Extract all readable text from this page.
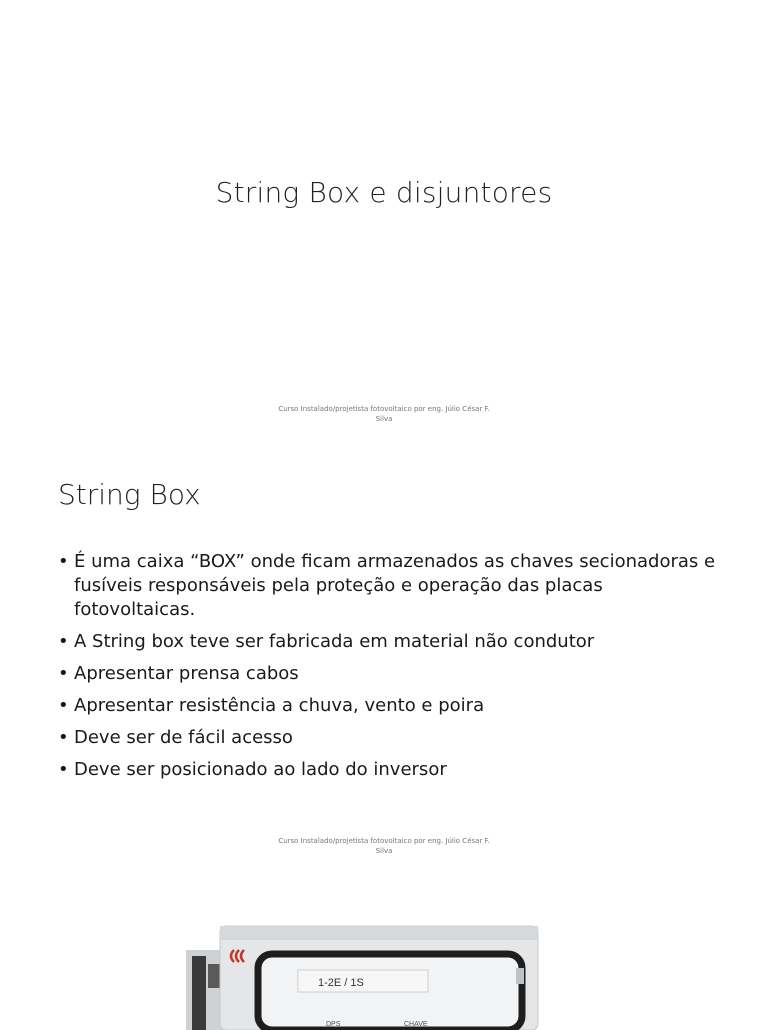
String Box e disjuntores
Curso Instalado/projetista fotovoltaico por eng. Júlio César F.
Silva
String Box
• É uma caixa “BOX” onde ficam armazenados as chaves secionadoras e fusíveis responsáveis pela proteção e operação das placas fotovoltaicas.
• A String box teve ser fabricada em material não condutor
• Apresentar prensa cabos
• Apresentar resistência a chuva, vento e poira
• Deve ser de fácil acesso
• Deve ser posicionado ao lado do inversor
Curso Instalado/projetista fotovoltaico por eng. Júlio César F.
Silva
1-2E / 1S
DPS	CHAVE
